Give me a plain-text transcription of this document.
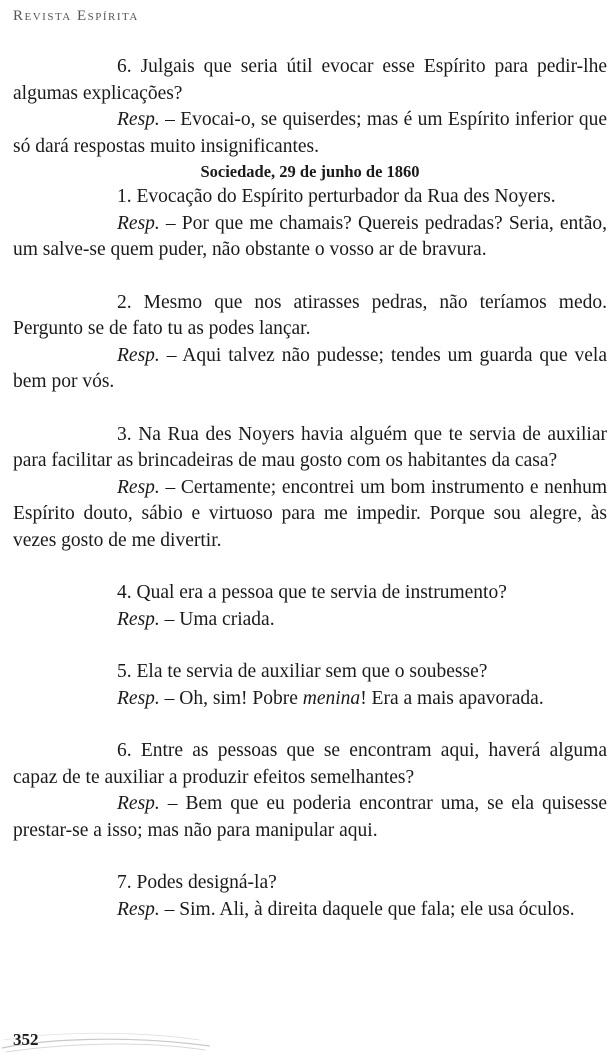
Revista Espírita

6. Julgais que seria útil evocar esse Espírito para pedir-lhe algumas explicações?

Resp. – Evocai-o, se quiserdes; mas é um Espírito inferior que só dará respostas muito insignificantes.

Sociedade, 29 de junho de 1860

1. Evocação do Espírito perturbador da Rua des Noyers.

Resp. – Por que me chamais? Quereis pedradas? Seria, então, um salve-se quem puder, não obstante o vosso ar de bravura.

2. Mesmo que nos atirasses pedras, não teríamos medo. Pergunto se de fato tu as podes lançar.

Resp. – Aqui talvez não pudesse; tendes um guarda que vela bem por vós.

3. Na Rua des Noyers havia alguém que te servia de auxiliar para facilitar as brincadeiras de mau gosto com os habitantes da casa?

Resp. – Certamente; encontrei um bom instrumento e nenhum Espírito douto, sábio e virtuoso para me impedir. Porque sou alegre, às vezes gosto de me divertir.

4. Qual era a pessoa que te servia de instrumento?

Resp. – Uma criada.

5. Ela te servia de auxiliar sem que o soubesse?

Resp. – Oh, sim! Pobre menina! Era a mais apavorada.

6. Entre as pessoas que se encontram aqui, haverá alguma capaz de te auxiliar a produzir efeitos semelhantes?

Resp. – Bem que eu poderia encontrar uma, se ela quisesse prestar-se a isso; mas não para manipular aqui.

7. Podes designá-la?

Resp. – Sim. Ali, à direita daquele que fala; ele usa óculos.

352
